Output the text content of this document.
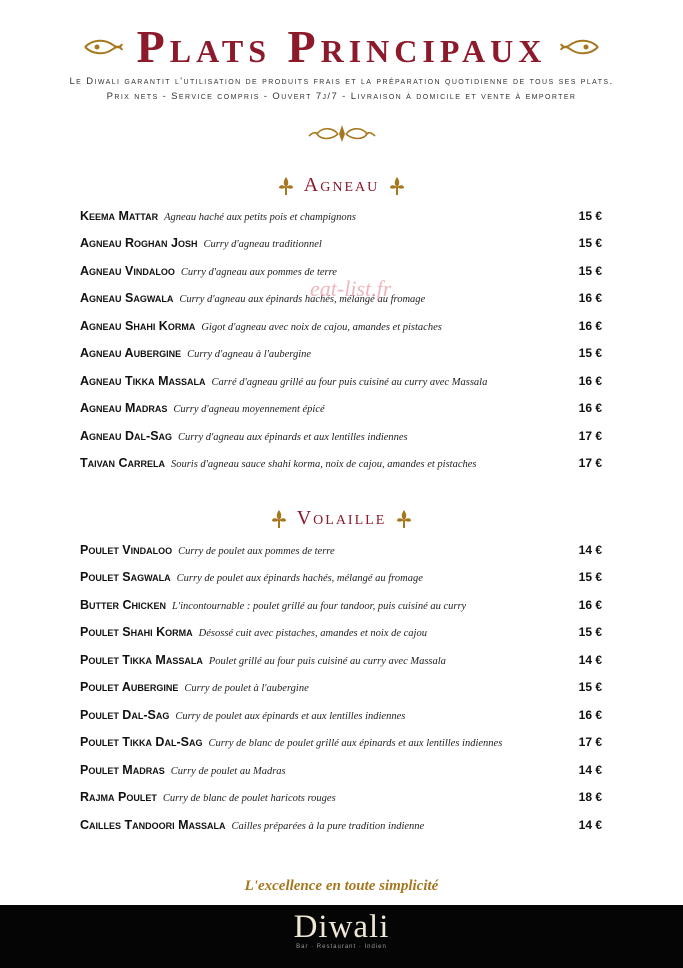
Plats Principaux

Le Diwali garantit l'utilisation de produits frais et la préparation quotidienne de tous ses plats.

Prix nets - Service compris - Ouvert 7j/7 - Livraison à domicile et vente à emporter

Agneau
Keema Mattar Agneau haché aux petits pois et champignons	15 €
Agneau Roghan Josh Curry d'agneau traditionnel	15 €
Agneau Vindaloo Curry d'agneau aux pommes de terre	15 €
Agneau Sagwala Curry d'agneau aux épinards hachés, mélangé au fromage	16 €
Agneau Shahi Korma Gigot d'agneau avec noix de cajou, amandes et pistaches	16 €
Agneau Aubergine Curry d'agneau à l'aubergine	15 €
Agneau Tikka Massala Carré d'agneau grillé au four puis cuisiné au curry avec Massala	16 €
Agneau Madras Curry d'agneau moyennement épicé	16 €
Agneau Dal-Sag Curry d'agneau aux épinards et aux lentilles indiennes	17 €
Taivan Carrela Souris d'agneau sauce shahi korma, noix de cajou, amandes et pistaches	17 €
eat-list.fr
Volaille
Poulet Vindaloo Curry de poulet aux pommes de terre	14 €
Poulet Sagwala Curry de poulet aux épinards hachés, mélangé au fromage	15 €
Butter Chicken L'incontournable : poulet grillé au four tandoor, puis cuisiné au curry	16 €
Poulet Shahi Korma Désossé cuit avec pistaches, amandes et noix de cajou	15 €
Poulet Tikka Massala Poulet grillé au four puis cuisiné au curry avec Massala	14 €
Poulet Aubergine Curry de poulet à l'aubergine	15 €
Poulet Dal-Sag Curry de poulet aux épinards et aux lentilles indiennes	16 €
Poulet Tikka Dal-Sag Curry de blanc de poulet grillé aux épinards et aux lentilles indiennes	17 €
Poulet Madras Curry de poulet au Madras	14 €
Rajma Poulet Curry de blanc de poulet haricots rouges	18 €
Cailles Tandoori Massala Cailles préparées à la pure tradition indienne	14 €
L'excellence en toute simplicité
Diwali
Bar · Restaurant · Indien
